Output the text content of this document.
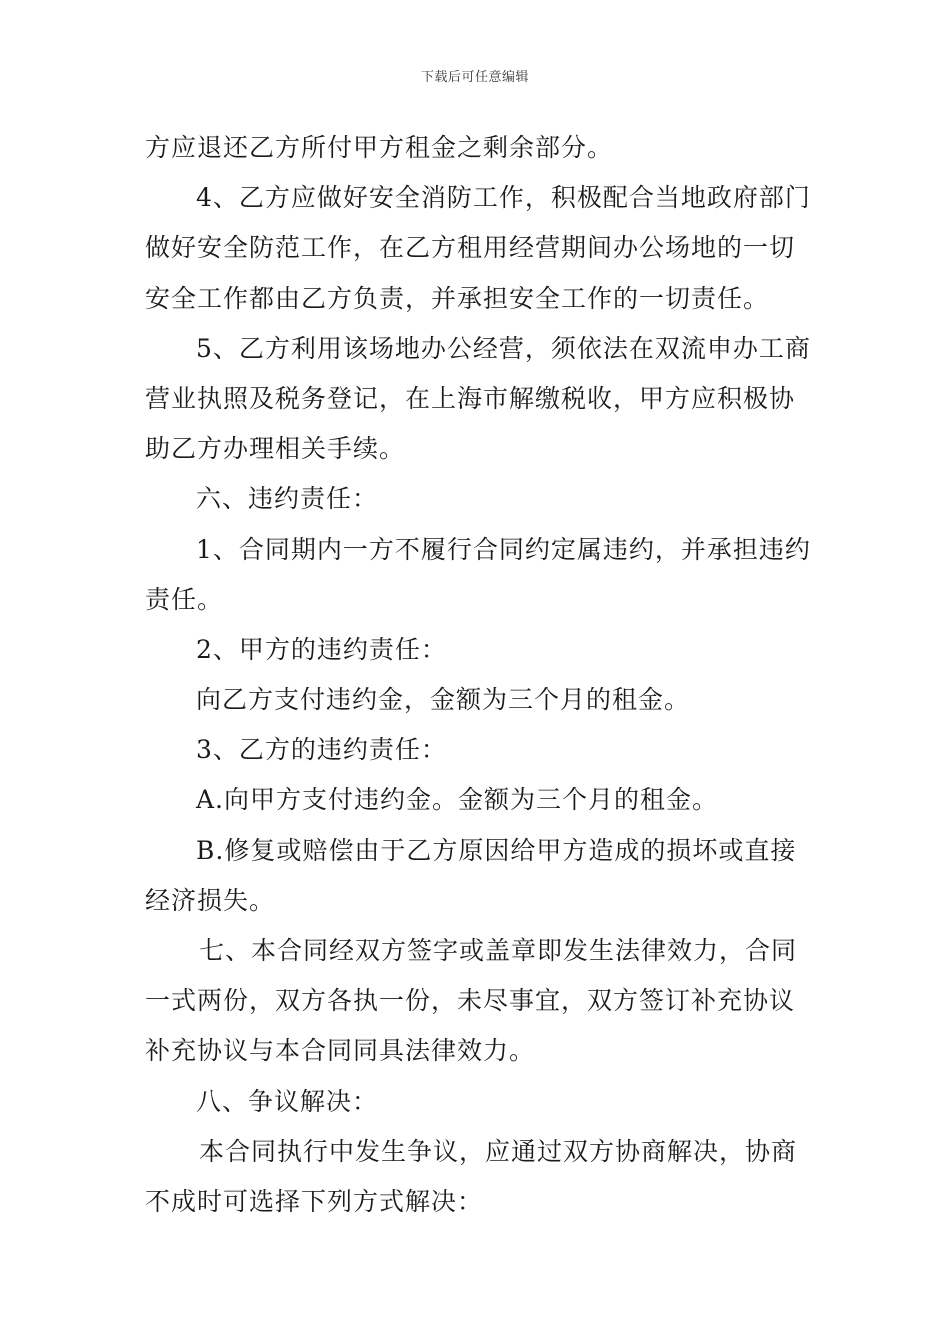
下载后可任意编辑
方应退还乙方所付甲方租金之剩余部分。
4、乙方应做好安全消防工作，积极配合当地政府部门
做好安全防范工作，在乙方租用经营期间办公场地的一切
安全工作都由乙方负责，并承担安全工作的一切责任。
5、乙方利用该场地办公经营，须依法在双流申办工商
营业执照及税务登记，在上海市解缴税收，甲方应积极协
助乙方办理相关手续。
六、违约责任：
1、合同期内一方不履行合同约定属违约，并承担违约
责任。
2、甲方的违约责任：
向乙方支付违约金，金额为三个月的租金。
3、乙方的违约责任：
A.向甲方支付违约金。金额为三个月的租金。
B.修复或赔偿由于乙方原因给甲方造成的损坏或直接
经济损失。
七、本合同经双方签字或盖章即发生法律效力，合同
一式两份，双方各执一份，未尽事宜，双方签订补充协议
补充协议与本合同同具法律效力。
八、争议解决：
本合同执行中发生争议，应通过双方协商解决，协商
不成时可选择下列方式解决：
